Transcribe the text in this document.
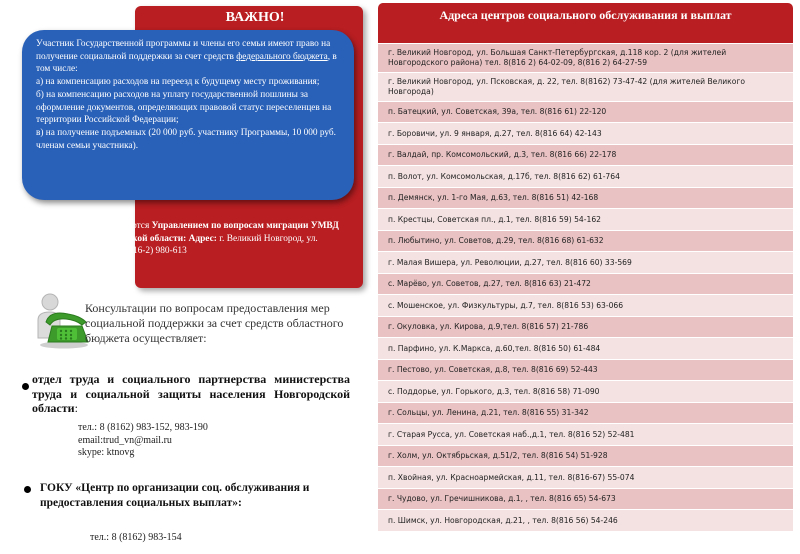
ВАЖНО!

Участник Государственной программы и члены его семьи имеют право на получение социальной поддержки за счет средств федерального бюджета, в том числе:

а) на компенсацию расходов на переезд к будущему месту проживания;

б) на компенсацию расходов на уплату государственной пошлины за оформление документов, определяющих правовой статус переселенцев на территории Российской Федерации;

в) на получение подъемных (20 000 руб. участнику Программы, 10 000 руб. членам семьи участника).

Выплаты осуществляются Управлением по вопросам миграции УМВД России по Новгородской области: Адрес: г. Великий Новгород, ул. Людогоща, д.5; тел. (816-2) 980-613
Консультации по вопросам предоставления мер социальной поддержки за счет средств областного бюджета осуществляет:
отдел труда и социального партнерства министерства труда и социальной защиты населения Новгородской области:
тел.: 8 (8162) 983-152, 983-190
email:trud_vn@mail.ru
skype: ktnovg
ГОКУ «Центр по организации соц. обслуживания и предоставления социальных выплат»:
тел.: 8 (8162) 983-154
Адреса центров социального обслуживания и выплат
г. Великий Новгород, ул. Большая Санкт-Петербургская, д.118 кор. 2 (для жителей Новгородского района) тел. 8(816 2) 64-02-09, 8(816 2) 64-27-59
г. Великий Новгород, ул. Псковская, д. 22, тел. 8(8162) 73-47-42 (для жителей Великого Новгорода)
п. Батецкий, ул. Советская, 39а, тел. 8(816 61) 22-120
г. Боровичи, ул. 9 января, д.27, тел. 8(816 64) 42-143
г. Валдай, пр. Комсомольский, д.3, тел. 8(816 66) 22-178
п. Волот, ул. Комсомольская, д.17б, тел. 8(816 62) 61-764
п. Демянск, ул. 1-го Мая, д.63, тел. 8(816 51) 42-168
п. Крестцы, Советская пл., д.1, тел. 8(816 59) 54-162
п. Любытино, ул. Советов, д.29, тел. 8(816 68) 61-632
г. Малая Вишера, ул. Революции, д.27, тел. 8(816 60) 33-569
с. Марёво, ул. Советов, д.27, тел. 8(816 63) 21-472
с. Мошенское, ул. Физкультуры, д.7, тел. 8(816 53) 63-066
г. Окуловка, ул. Кирова, д.9,тел. 8(816 57) 21-786
п. Парфино, ул. К.Маркса, д.60,тел. 8(816 50) 61-484
г. Пестово, ул. Советская, д.8, тел. 8(816 69) 52-443
с. Поддорье, ул. Горького, д.3, тел. 8(816 58) 71-090
г. Сольцы, ул. Ленина, д.21, тел. 8(816 55) 31-342
г. Старая Русса, ул. Советская наб.,д.1, тел. 8(816 52) 52-481
г. Холм, ул. Октябрьская, д.51/2, тел. 8(816 54) 51-928
п. Хвойная, ул. Красноармейская, д.11, тел. 8(816-67) 55-074
г. Чудово, ул. Гречишникова, д.1, , тел. 8(816 65) 54-673
п. Шимск, ул. Новгородская, д.21, , тел. 8(816 56) 54-246
